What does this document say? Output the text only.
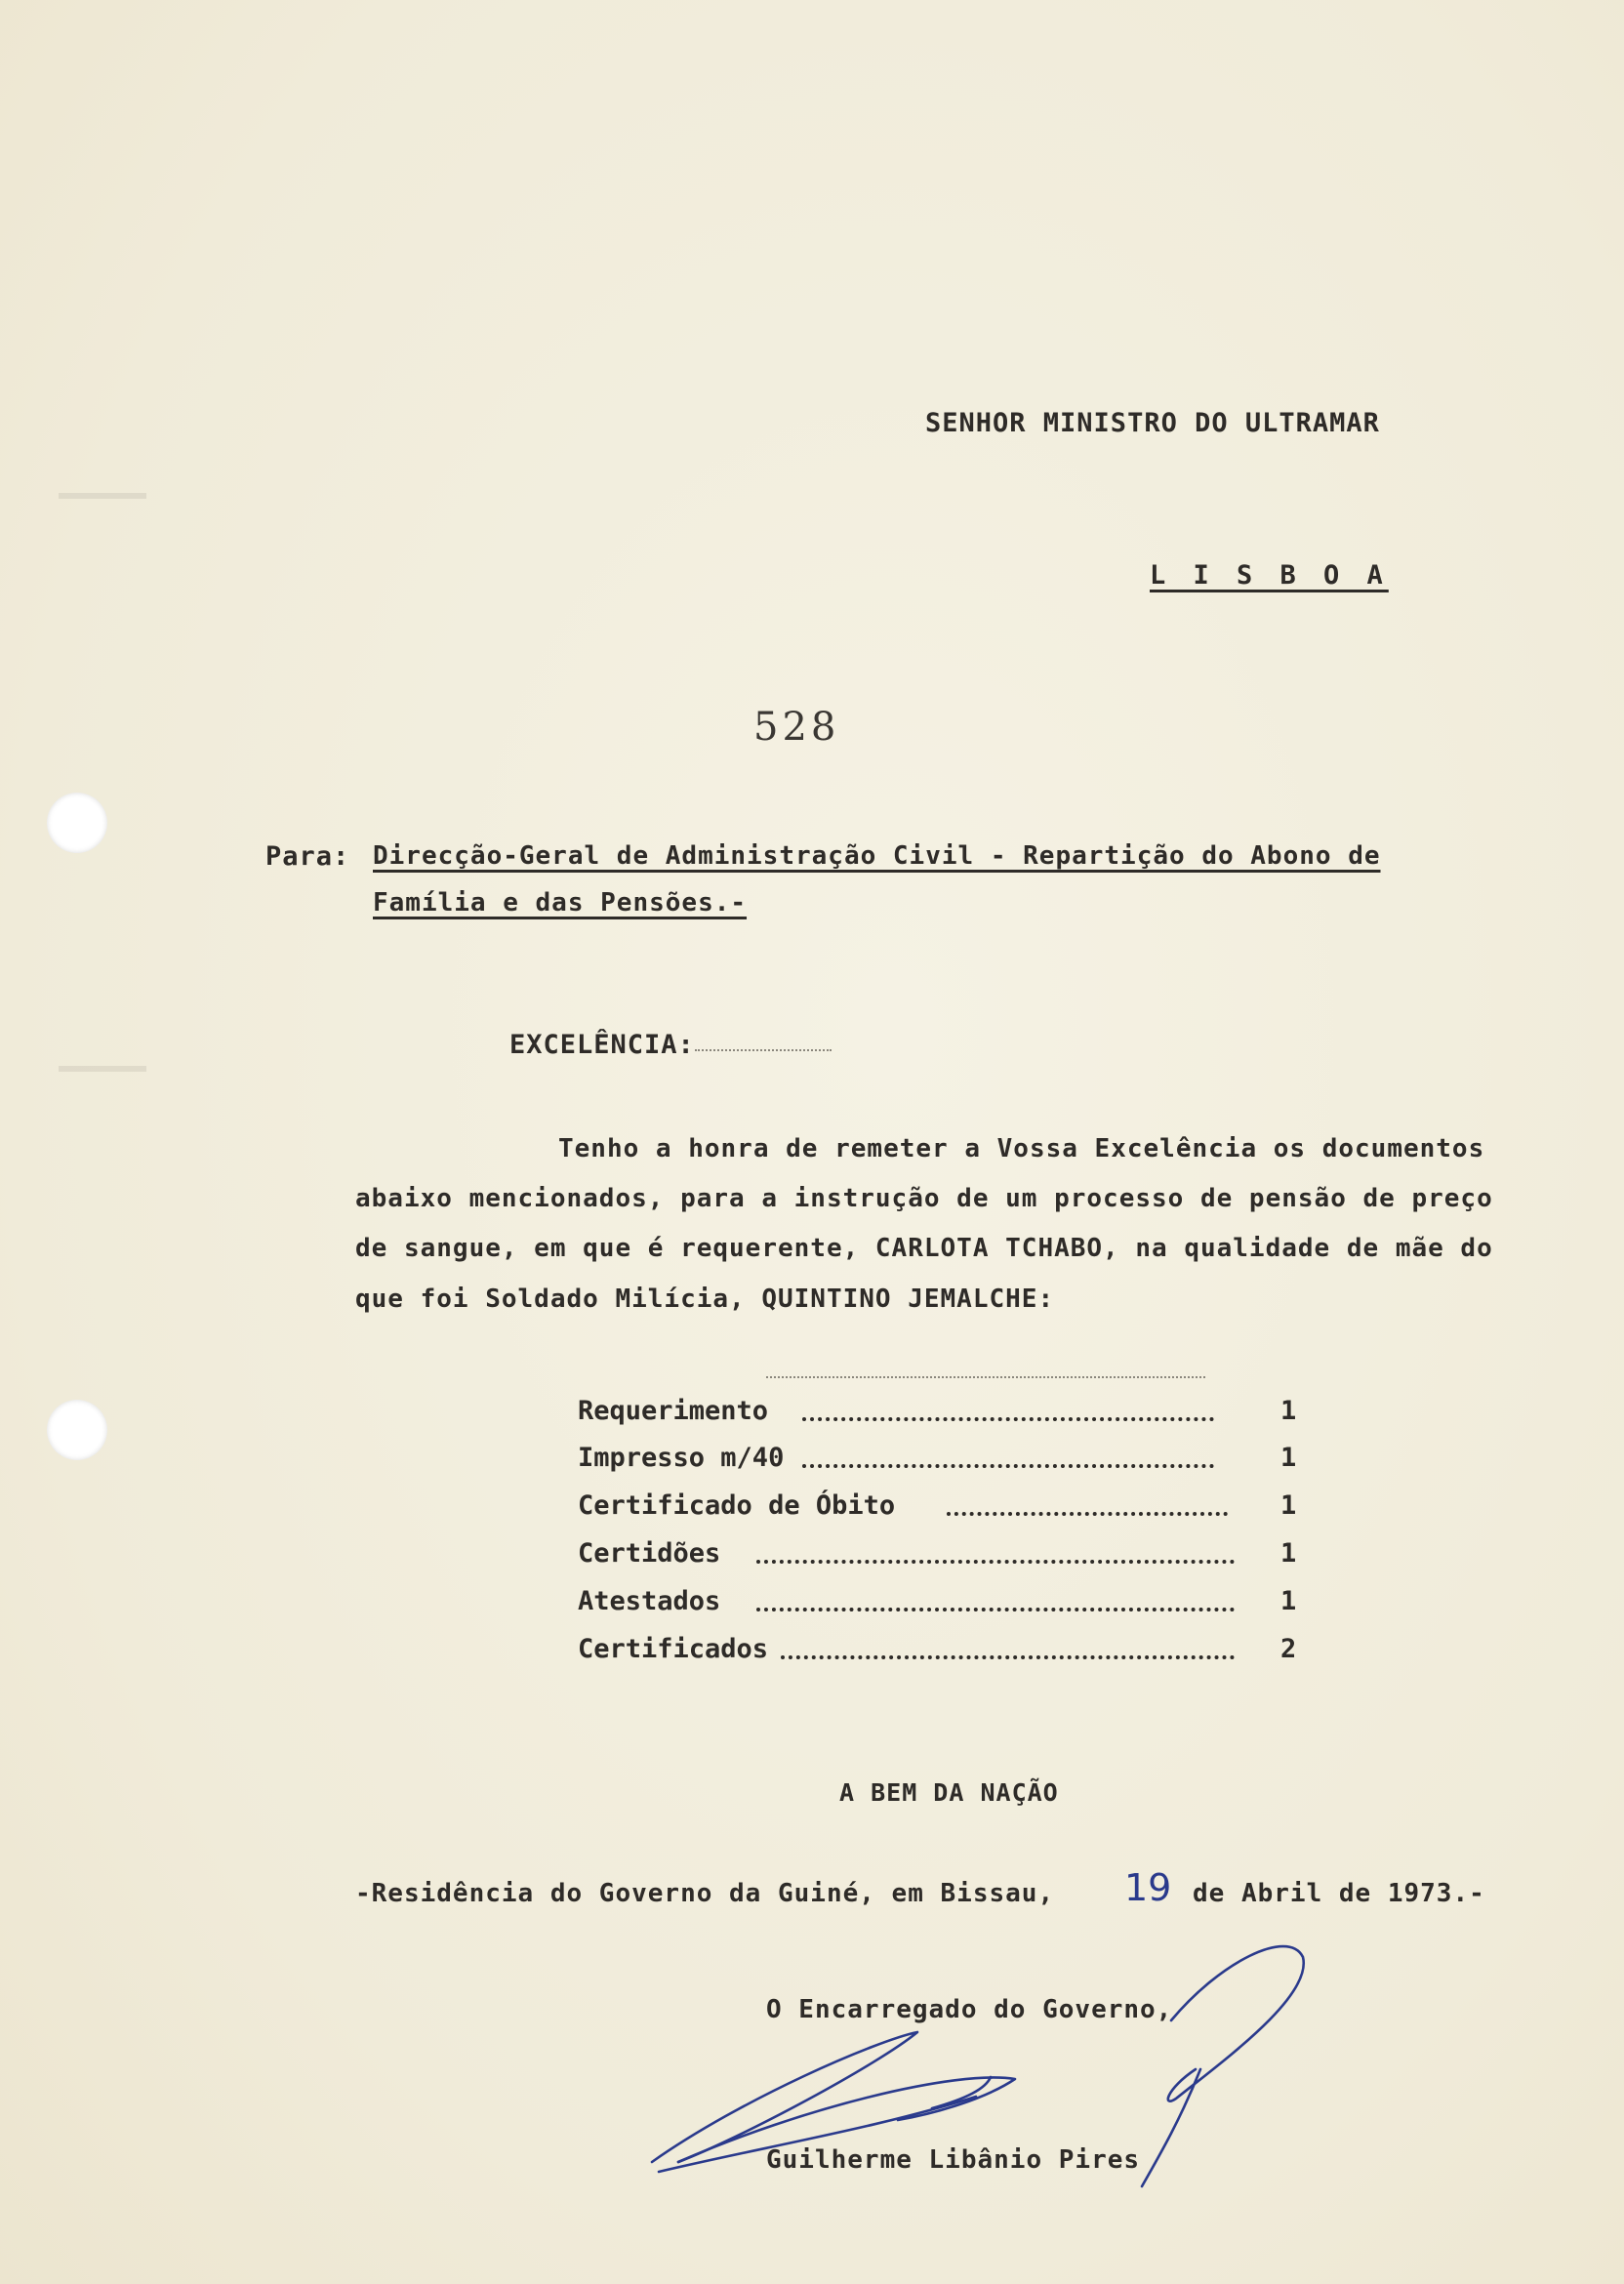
SENHOR MINISTRO DO ULTRAMAR
L I S B O A
528
Para: Direcção-Geral de Administração Civil - Repartição do Abono de
Família e das Pensões.-
EXCELÊNCIA:
Tenho a honra de remeter a Vossa Excelência os documentos
abaixo mencionados, para a instrução de um processo de pensão de preço
de sangue, em que é requerente, CARLOTA TCHABO, na qualidade de mãe do
que foi Soldado Milícia, QUINTINO JEMALCHE:
Requerimento	1
Impresso m/40	1
Certificado de Óbito	1
Certidões	1
Atestados	1
Certificados	2
A BEM DA NAÇÃO
-Residência do Governo da Guiné, em Bissau, 19 de Abril de 1973.-
O Encarregado do Governo,
Guilherme Libânio Pires
